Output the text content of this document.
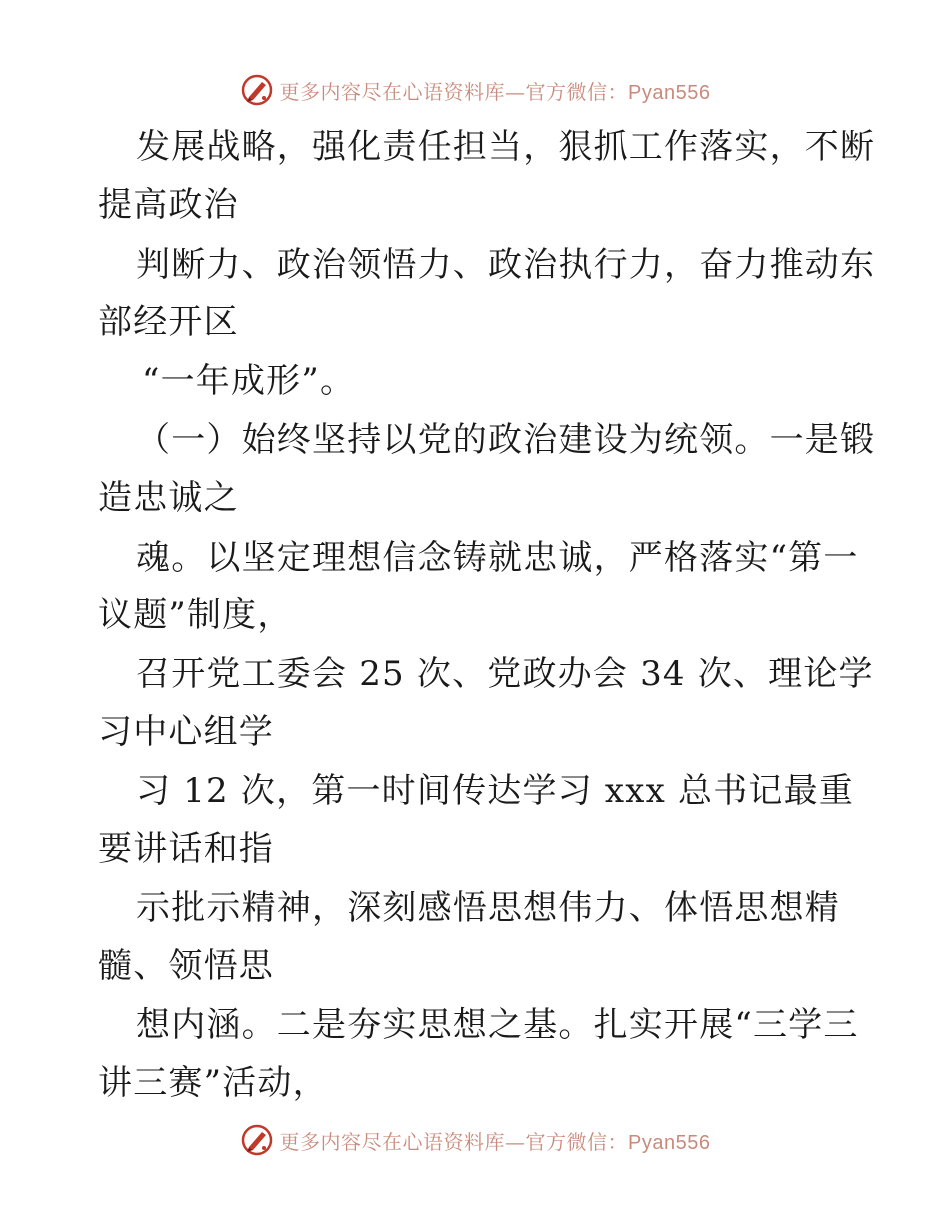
更多内容尽在心语资料库—官方微信：Pyan556
发展战略，强化责任担当，狠抓工作落实，不断
提高政治
判断力、政治领悟力、政治执行力，奋力推动东
部经开区
“一年成形”。
（一）始终坚持以党的政治建设为统领。一是锻
造忠诚之
魂。以坚定理想信念铸就忠诚，严格落实“第一
议题”制度，
召开党工委会 25 次、党政办会 34 次、理论学
习中心组学
习 12 次，第一时间传达学习 xxx 总书记最重
要讲话和指
示批示精神，深刻感悟思想伟力、体悟思想精
髓、领悟思
想内涵。二是夯实思想之基。扎实开展“三学三
讲三赛”活动，
更多内容尽在心语资料库—官方微信：Pyan556
